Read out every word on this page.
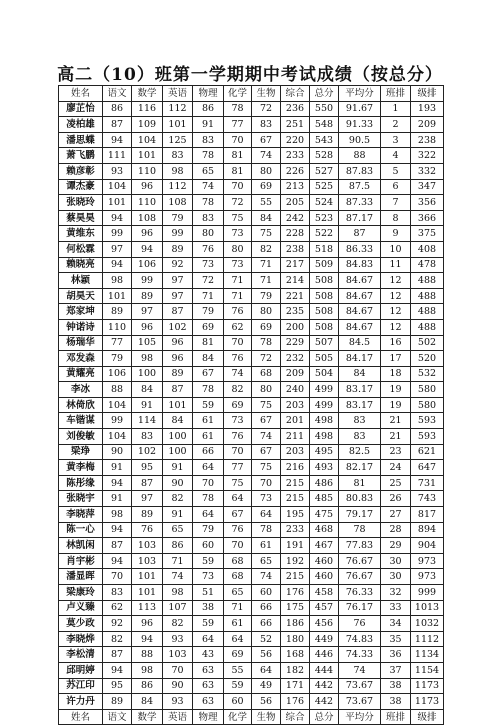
高二（10）班第一学期期中考试成绩（按总分）
姓名	语文	数学	英语	物理	化学	生物	综合	总分	平均分	班排	级排
廖芷怡	86	116	112	86	78	72	236	550	91.67	1	193
凌柏雄	87	109	101	91	77	83	251	548	91.33	2	209
潘思蝶	94	104	125	83	70	67	220	543	90.5	3	238
萧飞鹏	111	101	83	78	81	74	233	528	88	4	322
赖彦彰	93	110	98	65	81	80	226	527	87.83	5	332
谭杰豪	104	96	112	74	70	69	213	525	87.5	6	347
张晓玲	101	110	108	78	72	55	205	524	87.33	7	356
蔡昊昊	94	108	79	83	75	84	242	523	87.17	8	366
黄维东	99	96	99	80	73	75	228	522	87	9	375
何松霖	97	94	89	76	80	82	238	518	86.33	10	408
赖晓亮	94	106	92	73	73	71	217	509	84.83	11	478
林颖	98	99	97	72	71	71	214	508	84.67	12	488
胡昊天	101	89	97	71	71	79	221	508	84.67	12	488
郑家坤	89	97	87	79	76	80	235	508	84.67	12	488
钟诺诗	110	96	102	69	62	69	200	508	84.67	12	488
杨瑞华	77	105	96	81	70	78	229	507	84.5	16	502
邓发森	79	98	96	84	76	72	232	505	84.17	17	520
黄耀亮	106	100	89	67	74	68	209	504	84	18	532
李冰	88	84	87	78	82	80	240	499	83.17	19	580
林倚欣	104	91	101	59	69	75	203	499	83.17	19	580
车锴谋	99	114	84	61	73	67	201	498	83	21	593
刘俊敏	104	83	100	61	76	74	211	498	83	21	593
梁琤	90	102	100	66	70	67	203	495	82.5	23	621
黄李梅	91	95	91	64	77	75	216	493	82.17	24	647
陈彤缘	94	87	90	70	75	70	215	486	81	25	731
张晓宇	91	97	82	78	64	73	215	485	80.83	26	743
李晓萍	98	89	91	64	67	64	195	475	79.17	27	817
陈一心	94	76	65	79	76	78	233	468	78	28	894
林凯闲	87	103	86	60	70	61	191	467	77.83	29	904
肖宇彬	94	103	71	59	68	65	192	460	76.67	30	973
潘显晖	70	101	74	73	68	74	215	460	76.67	30	973
梁康玲	83	101	98	51	65	60	176	458	76.33	32	999
卢义臻	62	113	107	38	71	66	175	457	76.17	33	1013
莫少政	92	96	82	59	61	66	186	456	76	34	1032
李晓烨	82	94	93	64	64	52	180	449	74.83	35	1112
李松清	87	88	103	43	69	56	168	446	74.33	36	1134
邱明婷	94	98	70	63	55	64	182	444	74	37	1154
苏江印	95	86	90	63	59	49	171	442	73.67	38	1173
许力丹	89	84	93	63	60	56	176	442	73.67	38	1173
姓名	语文	数学	英语	物理	化学	生物	综合	总分	平均分	班排	级排
